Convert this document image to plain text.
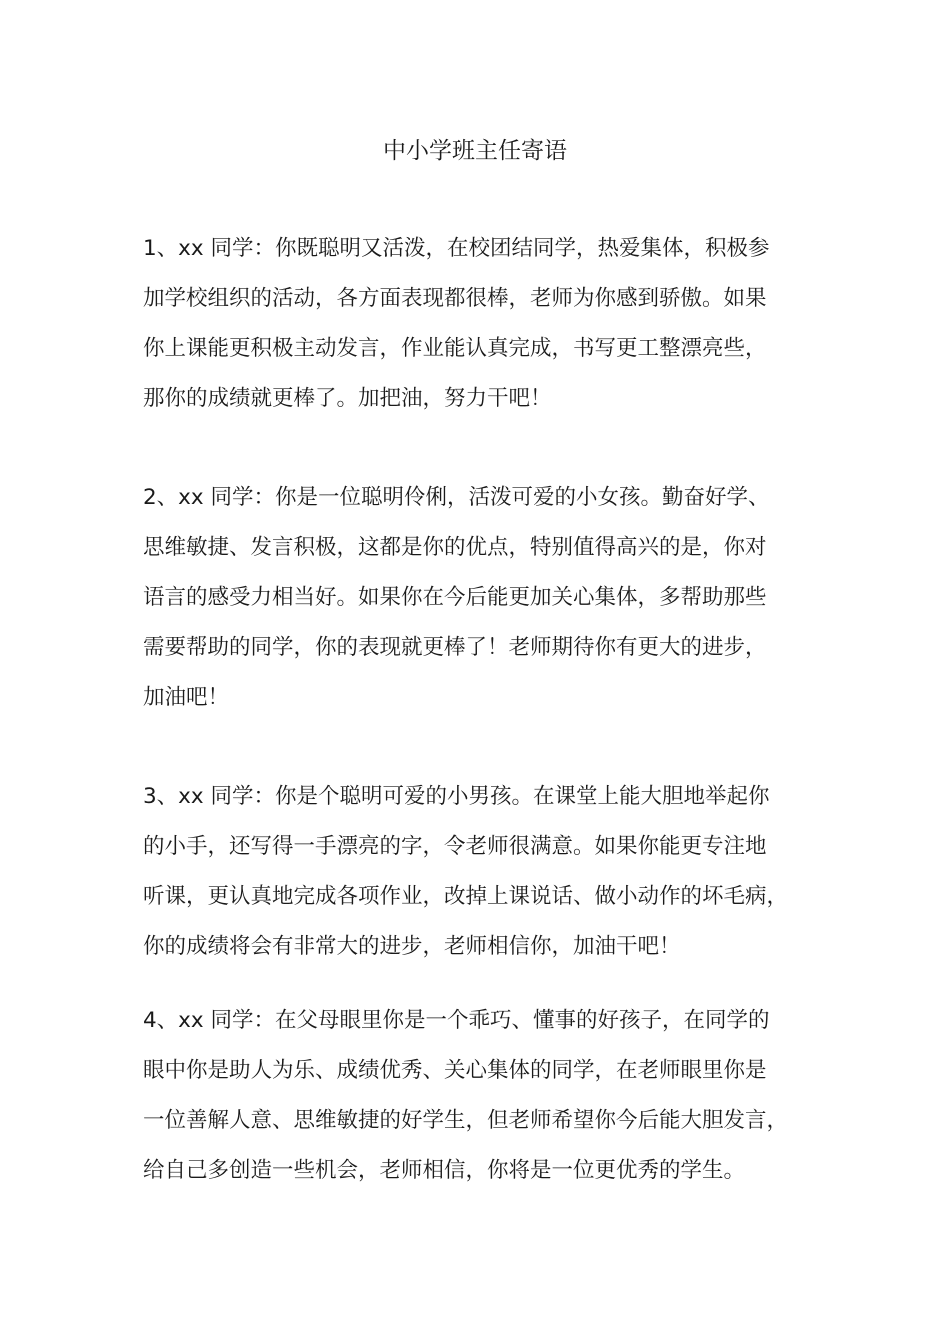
中小学班主任寄语
1、xx 同学：你既聪明又活泼，在校团结同学，热爱集体，积极参
加学校组织的活动，各方面表现都很棒，老师为你感到骄傲。如果
你上课能更积极主动发言，作业能认真完成，书写更工整漂亮些，
那你的成绩就更棒了。加把油，努力干吧！
2、xx 同学：你是一位聪明伶俐，活泼可爱的小女孩。勤奋好学、
思维敏捷、发言积极，这都是你的优点，特别值得高兴的是，你对
语言的感受力相当好。如果你在今后能更加关心集体，多帮助那些
需要帮助的同学，你的表现就更棒了！老师期待你有更大的进步，
加油吧！
3、xx 同学：你是个聪明可爱的小男孩。在课堂上能大胆地举起你
的小手，还写得一手漂亮的字，令老师很满意。如果你能更专注地
听课，更认真地完成各项作业，改掉上课说话、做小动作的坏毛病，
你的成绩将会有非常大的进步，老师相信你，加油干吧！
4、xx 同学：在父母眼里你是一个乖巧、懂事的好孩子，在同学的
眼中你是助人为乐、成绩优秀、关心集体的同学，在老师眼里你是
一位善解人意、思维敏捷的好学生，但老师希望你今后能大胆发言，
给自己多创造一些机会，老师相信，你将是一位更优秀的学生。
